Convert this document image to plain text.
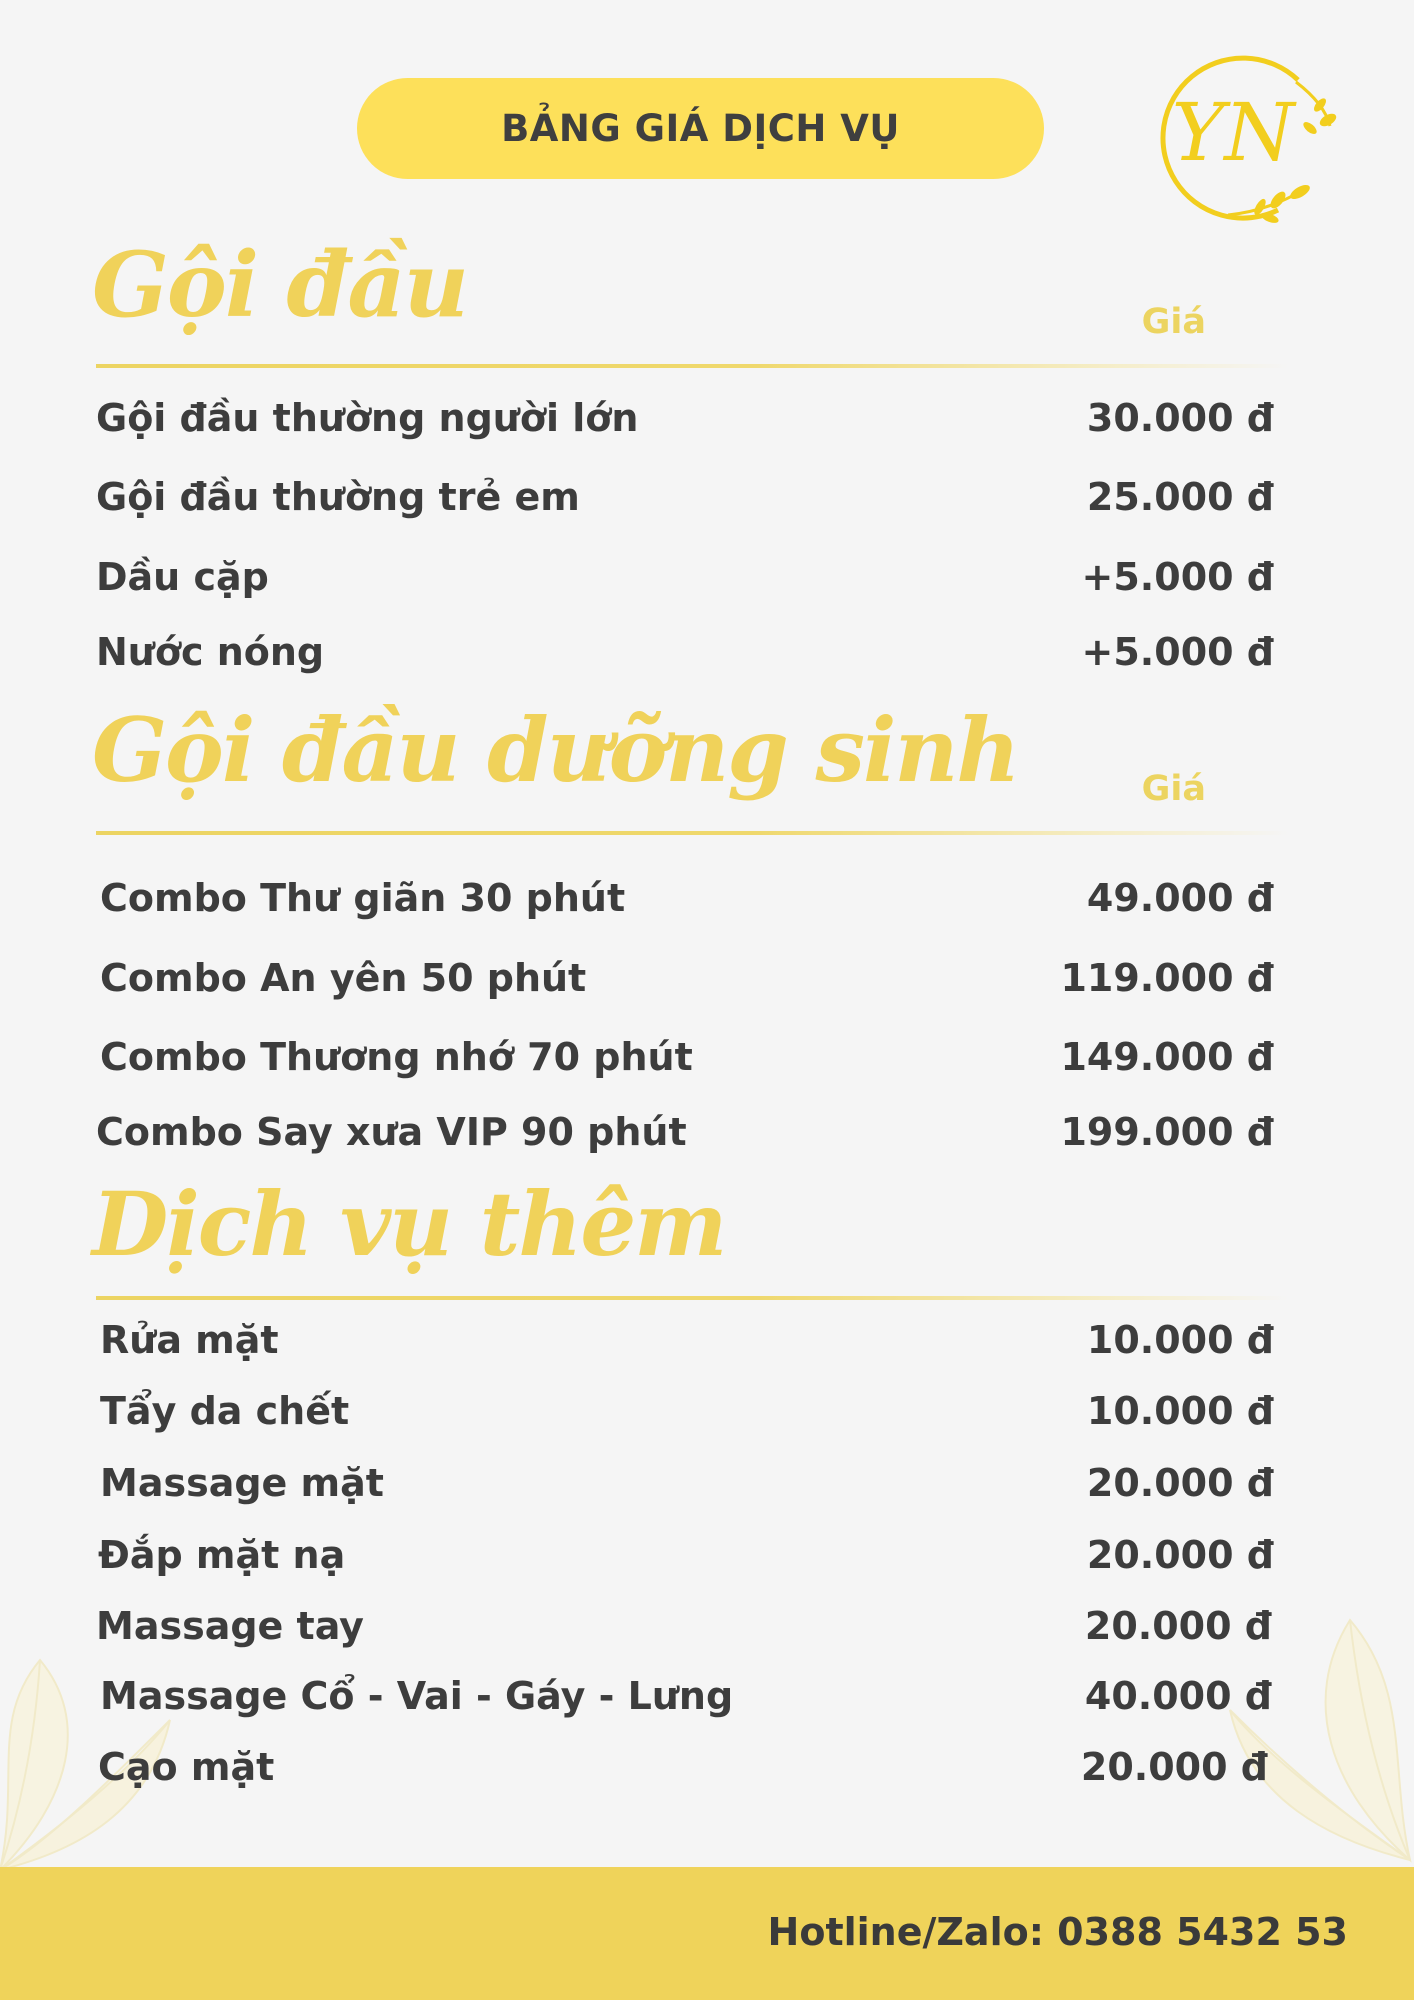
BẢNG GIÁ DỊCH VỤ	YN
Gội đầu	Giá
Gội đầu thường người lớn	30.000 đ
Gội đầu thường trẻ em	25.000 đ
Dầu cặp	+5.000 đ
Nước nóng	+5.000 đ
Gội đầu dưỡng sinh	Giá
Combo Thư giãn 30 phút	49.000 đ
Combo An yên 50 phút	119.000 đ
Combo Thương nhớ 70 phút	149.000 đ
Combo Say xưa VIP 90 phút	199.000 đ
Dịch vụ thêm
Rửa mặt	10.000 đ
Tẩy da chết	10.000 đ
Massage mặt	20.000 đ
Đắp mặt nạ	20.000 đ
Massage tay	20.000 đ
Massage Cổ - Vai - Gáy - Lưng	40.000 đ
Cạo mặt	20.000 đ
Hotline/Zalo: 0388 5432 53
